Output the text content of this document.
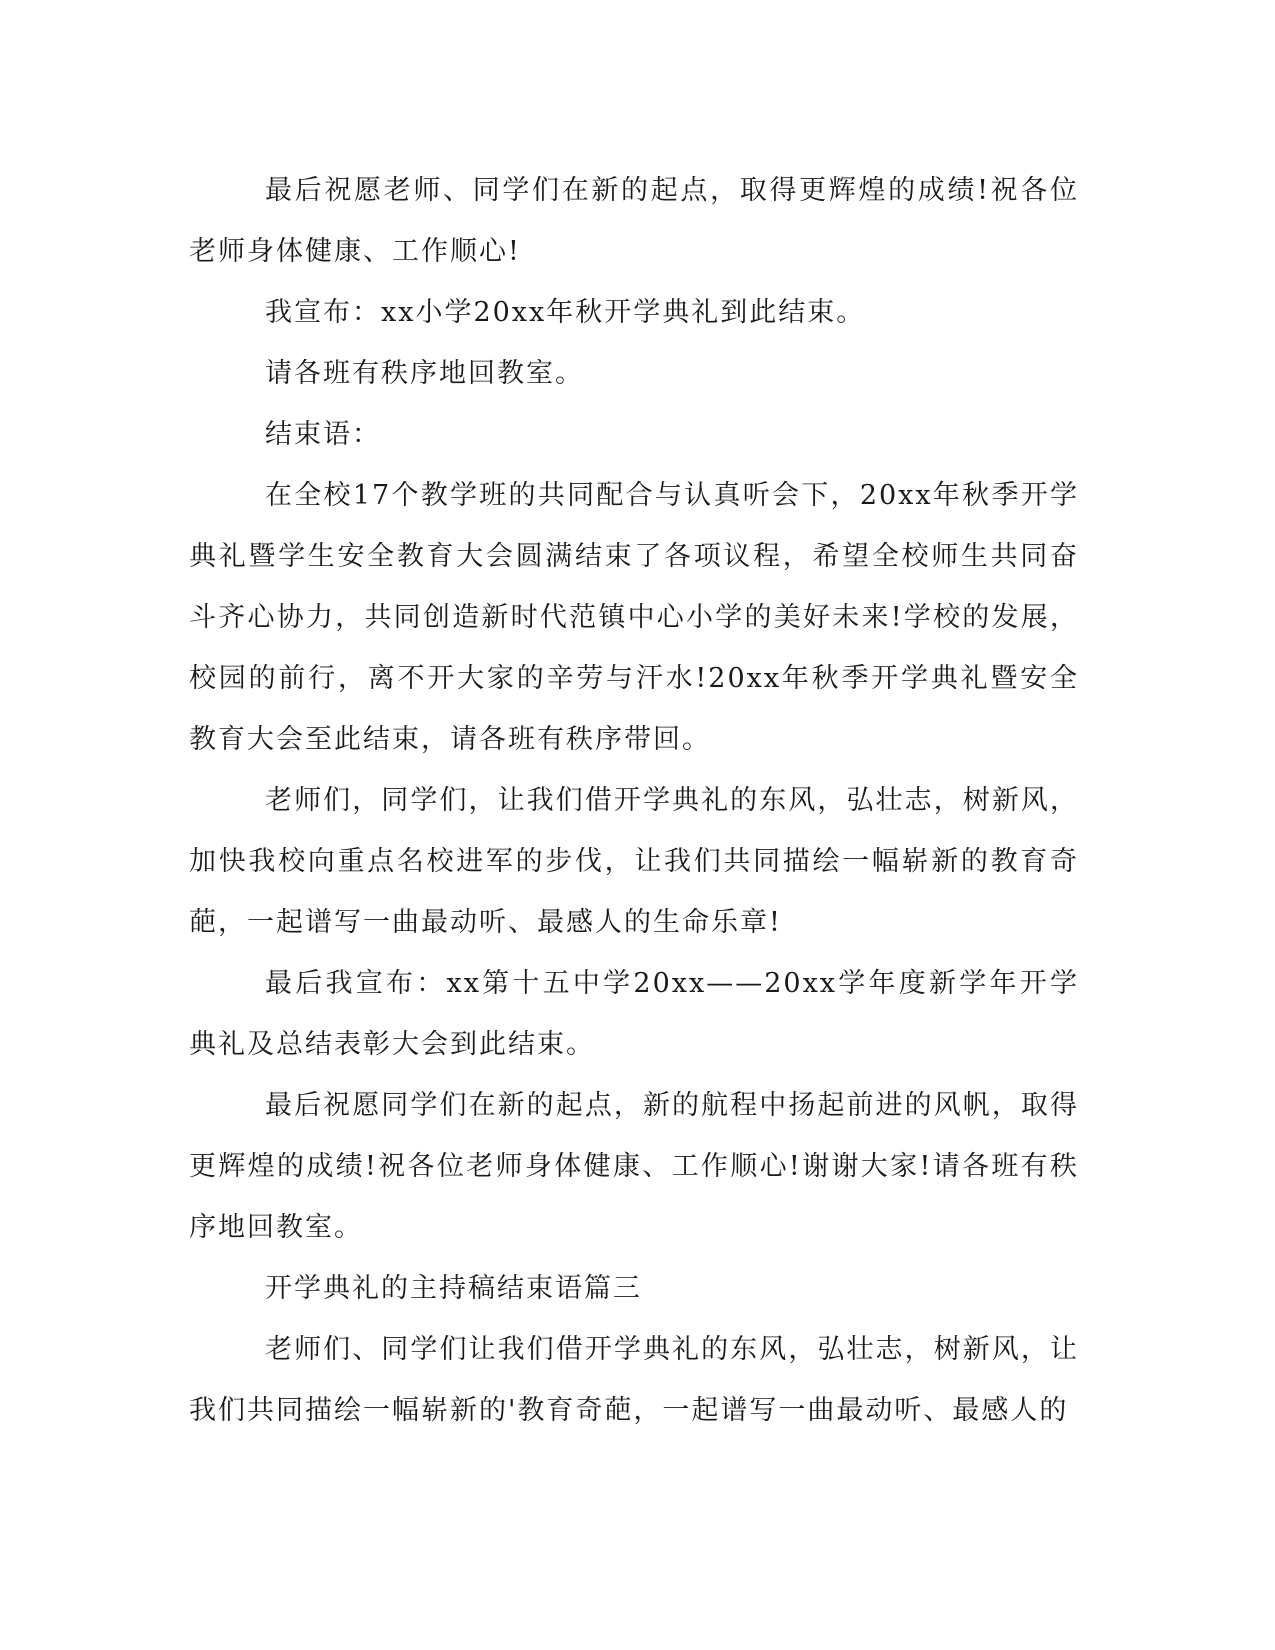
最后祝愿老师、同学们在新的起点，取得更辉煌的成绩!祝各位老师身体健康、工作顺心!

我宣布：xx小学20xx年秋开学典礼到此结束。

请各班有秩序地回教室。

结束语：

在全校17个教学班的共同配合与认真听会下，20xx年秋季开学典礼暨学生安全教育大会圆满结束了各项议程，希望全校师生共同奋斗齐心协力，共同创造新时代范镇中心小学的美好未来!学校的发展，校园的前行，离不开大家的辛劳与汗水!20xx年秋季开学典礼暨安全教育大会至此结束，请各班有秩序带回。

老师们，同学们，让我们借开学典礼的东风，弘壮志，树新风，加快我校向重点名校进军的步伐，让我们共同描绘一幅崭新的教育奇葩，一起谱写一曲最动听、最感人的生命乐章!

最后我宣布：xx第十五中学20xx——20xx学年度新学年开学典礼及总结表彰大会到此结束。

最后祝愿同学们在新的起点，新的航程中扬起前进的风帆，取得更辉煌的成绩!祝各位老师身体健康、工作顺心!谢谢大家!请各班有秩序地回教室。

开学典礼的主持稿结束语篇三

老师们、同学们让我们借开学典礼的东风，弘壮志，树新风，让我们共同描绘一幅崭新的'教育奇葩，一起谱写一曲最动听、最感人的
